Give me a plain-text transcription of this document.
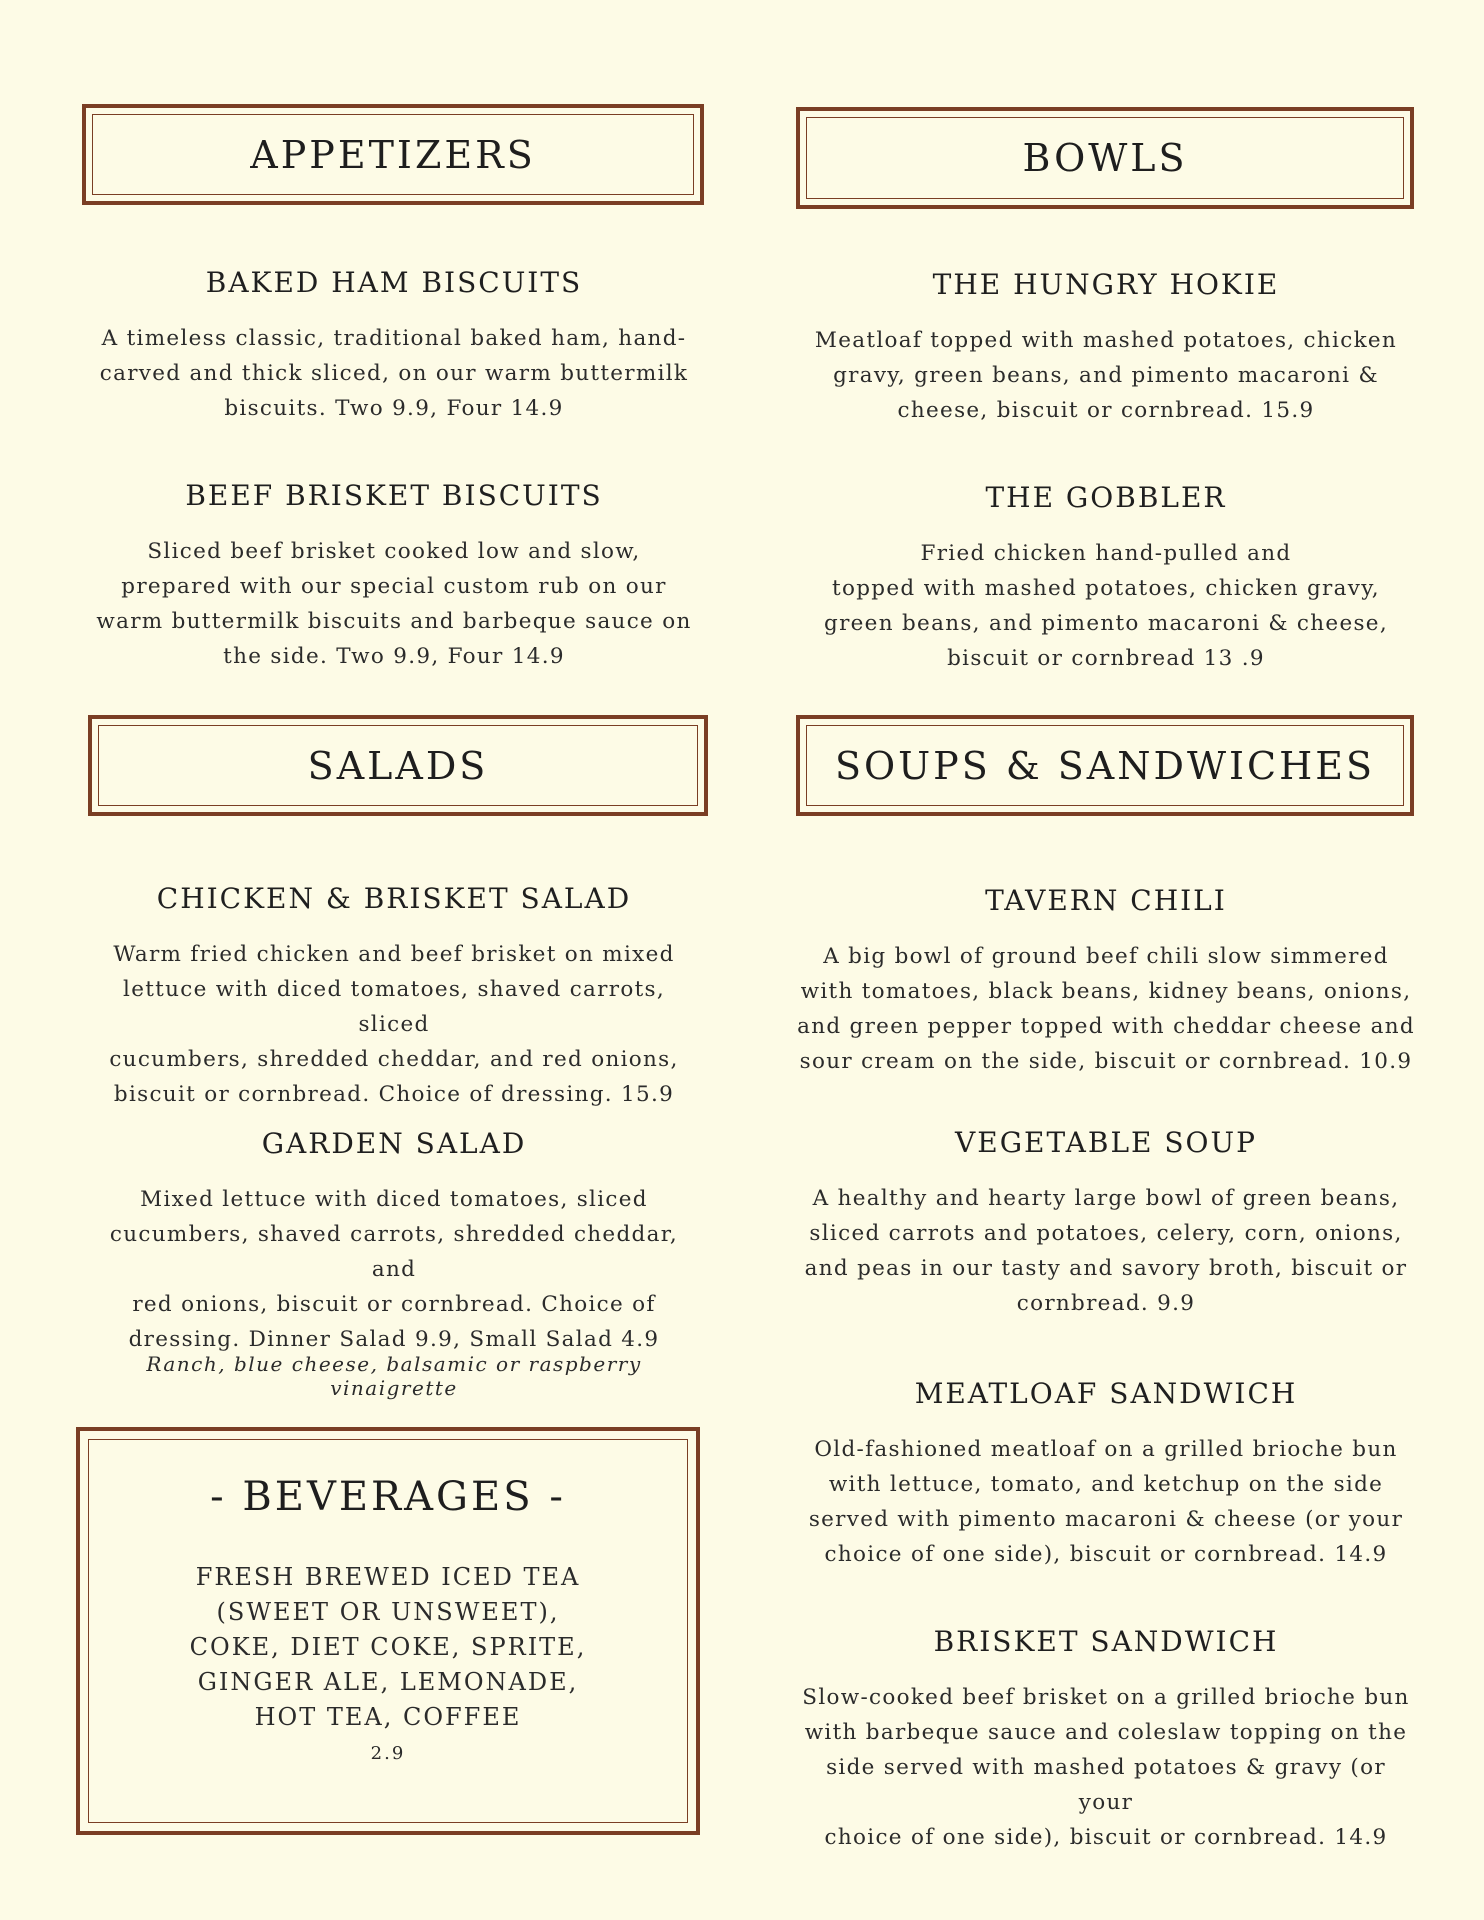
APPETIZERS	BOWLS
SALADS	SOUPS & SANDWICHES
BAKED HAM BISCUITS

A timeless classic, traditional baked ham, hand-
carved and thick sliced, on our warm buttermilk
biscuits. Two 9.9, Four 14.9

BEEF BRISKET BISCUITS

Sliced beef brisket cooked low and slow,
prepared with our special custom rub on our
warm buttermilk biscuits and barbeque sauce on
the side. Two 9.9, Four 14.9

THE HUNGRY HOKIE

Meatloaf topped with mashed potatoes, chicken
gravy, green beans, and pimento macaroni &
cheese, biscuit or cornbread. 15.9

THE GOBBLER

Fried chicken hand-pulled and
topped with mashed potatoes, chicken gravy,
green beans, and pimento macaroni & cheese,
biscuit or cornbread 13 .9

CHICKEN & BRISKET SALAD

Warm fried chicken and beef brisket on mixed
lettuce with diced tomatoes, shaved carrots, sliced
cucumbers, shredded cheddar, and red onions,
biscuit or cornbread. Choice of dressing. 15.9

GARDEN SALAD

Mixed lettuce with diced tomatoes, sliced
cucumbers, shaved carrots, shredded cheddar, and
red onions, biscuit or cornbread. Choice of
dressing. Dinner Salad 9.9, Small Salad 4.9

Ranch, blue cheese, balsamic or raspberry vinaigrette
TAVERN CHILI

A big bowl of ground beef chili slow simmered
with tomatoes, black beans, kidney beans, onions,
and green pepper topped with cheddar cheese and
sour cream on the side, biscuit or cornbread. 10.9

VEGETABLE SOUP

A healthy and hearty large bowl of green beans,
sliced carrots and potatoes, celery, corn, onions,
and peas in our tasty and savory broth, biscuit or
cornbread. 9.9

MEATLOAF SANDWICH

Old-fashioned meatloaf on a grilled brioche bun
with lettuce, tomato, and ketchup on the side
served with pimento macaroni & cheese (or your
choice of one side), biscuit or cornbread. 14.9

BRISKET SANDWICH

Slow-cooked beef brisket on a grilled brioche bun
with barbeque sauce and coleslaw topping on the
side served with mashed potatoes & gravy (or your
choice of one side), biscuit or cornbread. 14.9

- BEVERAGES -
FRESH BREWED ICED TEA
(SWEET OR UNSWEET),
COKE, DIET COKE, SPRITE,
GINGER ALE, LEMONADE,
HOT TEA, COFFEE
2.9
